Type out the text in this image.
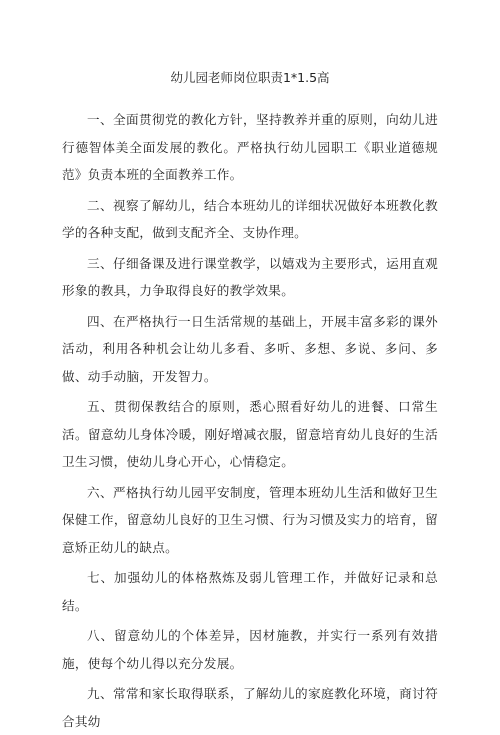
幼儿园老师岗位职责1*1.5高

一、全面贯彻党的教化方针，坚持教养并重的原则，向幼儿进行德智体美全面发展的教化。严格执行幼儿园职工《职业道德规范》负责本班的全面教养工作。

二、视察了解幼儿，结合本班幼儿的详细状况做好本班教化教学的各种支配，做到支配齐全、支协作理。

三、仔细备课及进行课堂教学，以嬉戏为主要形式，运用直观形象的教具，力争取得良好的教学效果。

四、在严格执行一日生活常规的基础上，开展丰富多彩的课外活动，利用各种机会让幼儿多看、多听、多想、多说、多问、多做、动手动脑，开发智力。

五、贯彻保教结合的原则，悉心照看好幼儿的进餐、口常生活。留意幼儿身体冷暖，刚好增减衣服，留意培育幼儿良好的生活卫生习惯，使幼儿身心开心，心情稳定。

六、严格执行幼儿园平安制度，管理本班幼儿生活和做好卫生保健工作，留意幼儿良好的卫生习惯、行为习惯及实力的培育，留意矫正幼儿的缺点。

七、加强幼儿的体格熬炼及弱儿管理工作，并做好记录和总结。

八、留意幼儿的个体差异，因材施教，并实行一系列有效措施，使每个幼儿得以充分发展。

九、常常和家长取得联系，了解幼儿的家庭教化环境，商讨符合其幼
